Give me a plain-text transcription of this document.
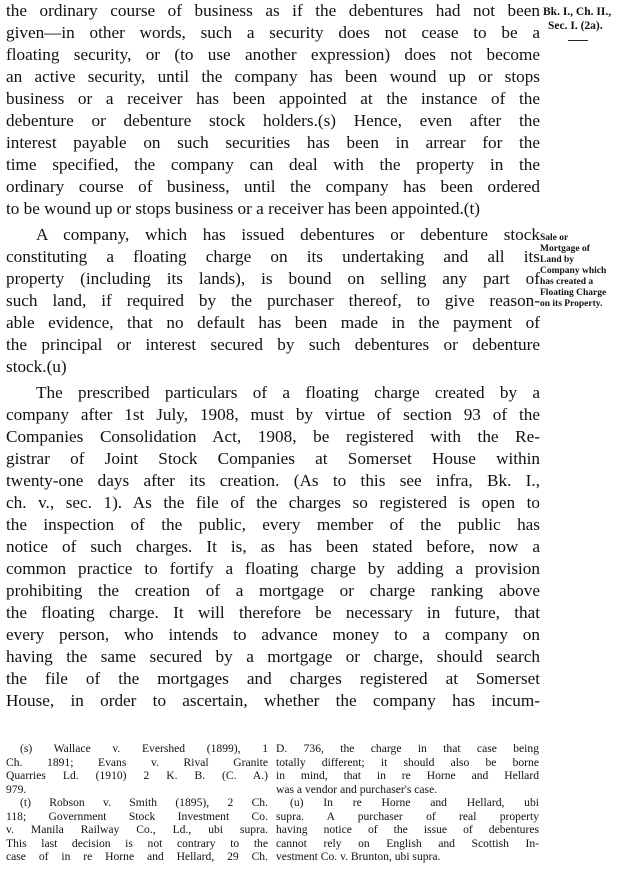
Bk. I., Ch. II.,
Sec. I. (2a).
Sale or
Mortgage of
Land by
Company which
has created a
Floating Charge
on its Property.
the ordinary course of business as if the debentures had not been
given—in other words, such a security does not cease to be a
floating security, or (to use another expression) does not become
an active security, until the company has been wound up or stops
business or a receiver has been appointed at the instance of the
debenture or debenture stock holders.(s) Hence, even after the
interest payable on such securities has been in arrear for the
time specified, the company can deal with the property in the
ordinary course of business, until the company has been ordered
to be wound up or stops business or a receiver has been appointed.(t)
A company, which has issued debentures or debenture stock
constituting a floating charge on its undertaking and all its
property (including its lands), is bound on selling any part of
such land, if required by the purchaser thereof, to give reason-
able evidence, that no default has been made in the payment of
the principal or interest secured by such debentures or debenture
stock.(u)
The prescribed particulars of a floating charge created by a
company after 1st July, 1908, must by virtue of section 93 of the
Companies Consolidation Act, 1908, be registered with the Re-
gistrar of Joint Stock Companies at Somerset House within
twenty-one days after its creation. (As to this see infra, Bk. I.,
ch. v., sec. 1). As the file of the charges so registered is open to
the inspection of the public, every member of the public has
notice of such charges. It is, as has been stated before, now a
common practice to fortify a floating charge by adding a provision
prohibiting the creation of a mortgage or charge ranking above
the floating charge. It will therefore be necessary in future, that
every person, who intends to advance money to a company on
having the same secured by a mortgage or charge, should search
the file of the mortgages and charges registered at Somerset
House, in order to ascertain, whether the company has incum-
(s) Wallace v. Evershed (1899), 1
Ch. 1891; Evans v. Rival Granite
Quarries Ld. (1910) 2 K. B. (C. A.)
979.
(t) Robson v. Smith (1895), 2 Ch.
118; Government Stock Investment Co.
v. Manila Railway Co., Ld., ubi supra.
This last decision is not contrary to the
case of in re Horne and Hellard, 29 Ch.
D. 736, the charge in that case being
totally different; it should also be borne
in mind, that in re Horne and Hellard
was a vendor and purchaser's case.
(u) In re Horne and Hellard, ubi
supra. A purchaser of real property
having notice of the issue of debentures
cannot rely on English and Scottish In-
vestment Co. v. Brunton, ubi supra.
